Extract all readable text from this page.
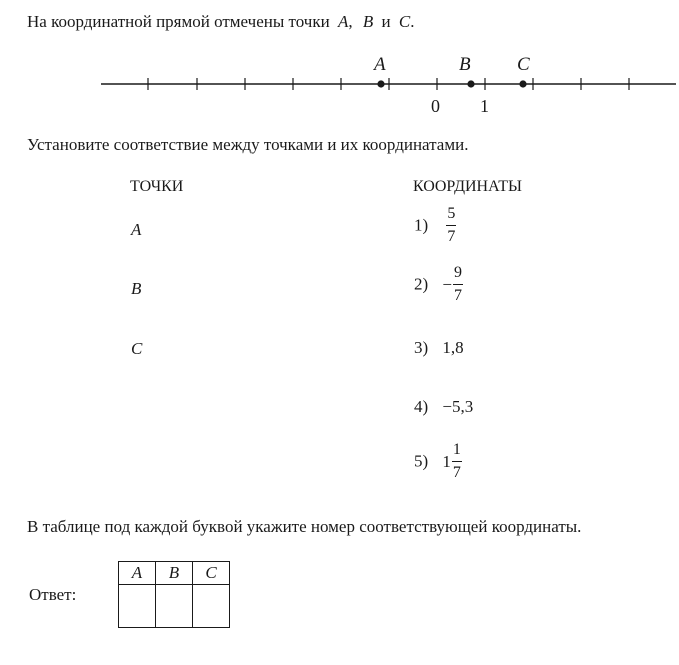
На координатной прямой отмечены точки A, B и C.
A	B C
0 1
Установите соответствие между точками и их координатами.
ТОЧКИ	КООРДИНАТЫ
A
B
C
$1) \frac{5}{7}$
$2) - \frac{9}{7}$
3) 1,8
4) −5,3
5) $1 \frac{1}{7}$
В таблице под каждой буквой укажите номер соответствующей координаты.
Ответ:
A	B	C
